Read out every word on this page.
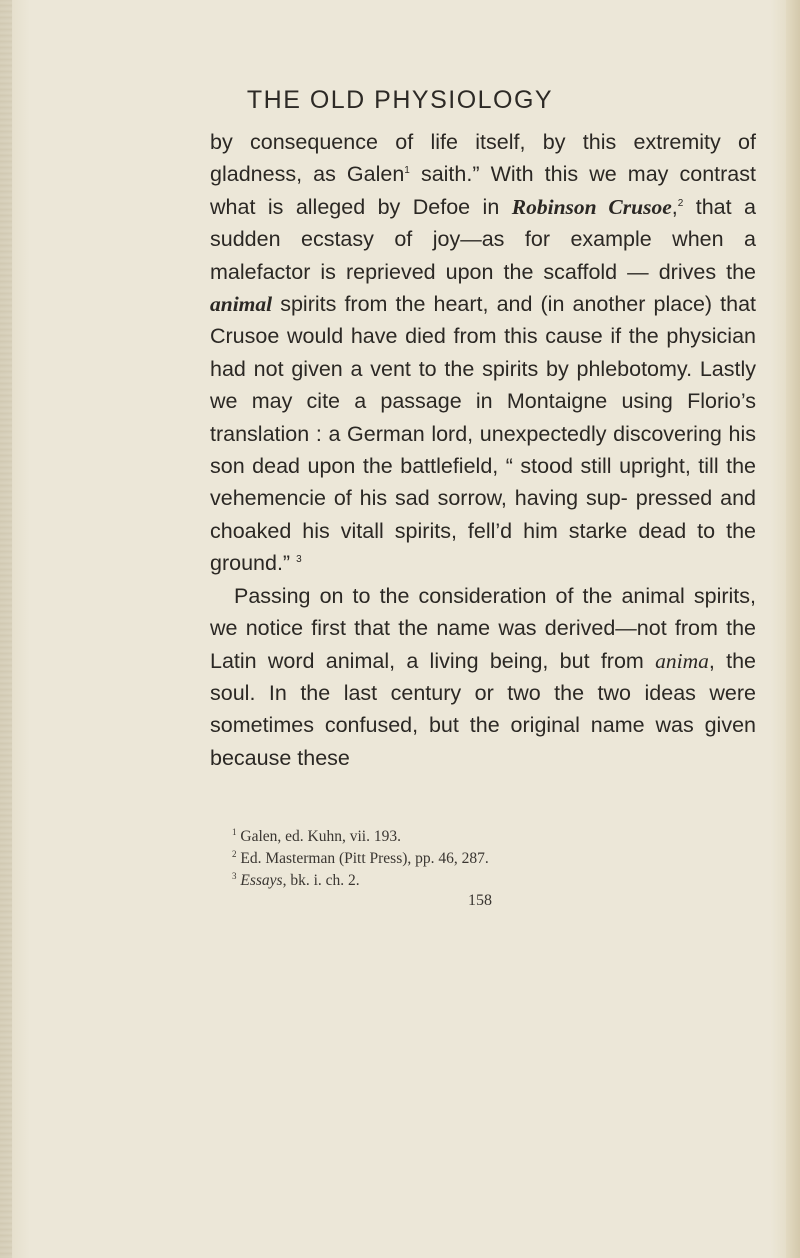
THE OLD PHYSIOLOGY

by consequence of life itself, by this extremity of gladness, as Galen$^1$ saith.” With this we may contrast what is alleged by Defoe in Robinson Crusoe,$^2$ that a sudden ecstasy of joy—as for example when a malefactor is reprieved upon the scaffold — drives the animal spirits from the heart, and (in another place) that Crusoe would have died from this cause if the physician had not given a vent to the spirits by phlebotomy. Lastly we may cite a passage in Montaigne using Florio’s translation : a German lord, unexpectedly discovering his son dead upon the battlefield, “ stood still upright, till the vehemencie of his sad sorrow, having sup- pressed and choaked his vitall spirits, fell’d him starke dead to the ground.” $^3$

Passing on to the consideration of the animal spirits, we notice first that the name was derived—not from the Latin word animal, a living being, but from anima, the soul. In the last century or two the two ideas were sometimes confused, but the original name was given because these

$^1$ Galen, ed. Kuhn, vii. 193.
$^2$ Ed. Masterman (Pitt Press), pp. 46, 287.
$^3$ Essays, bk. i. ch. 2.
158
